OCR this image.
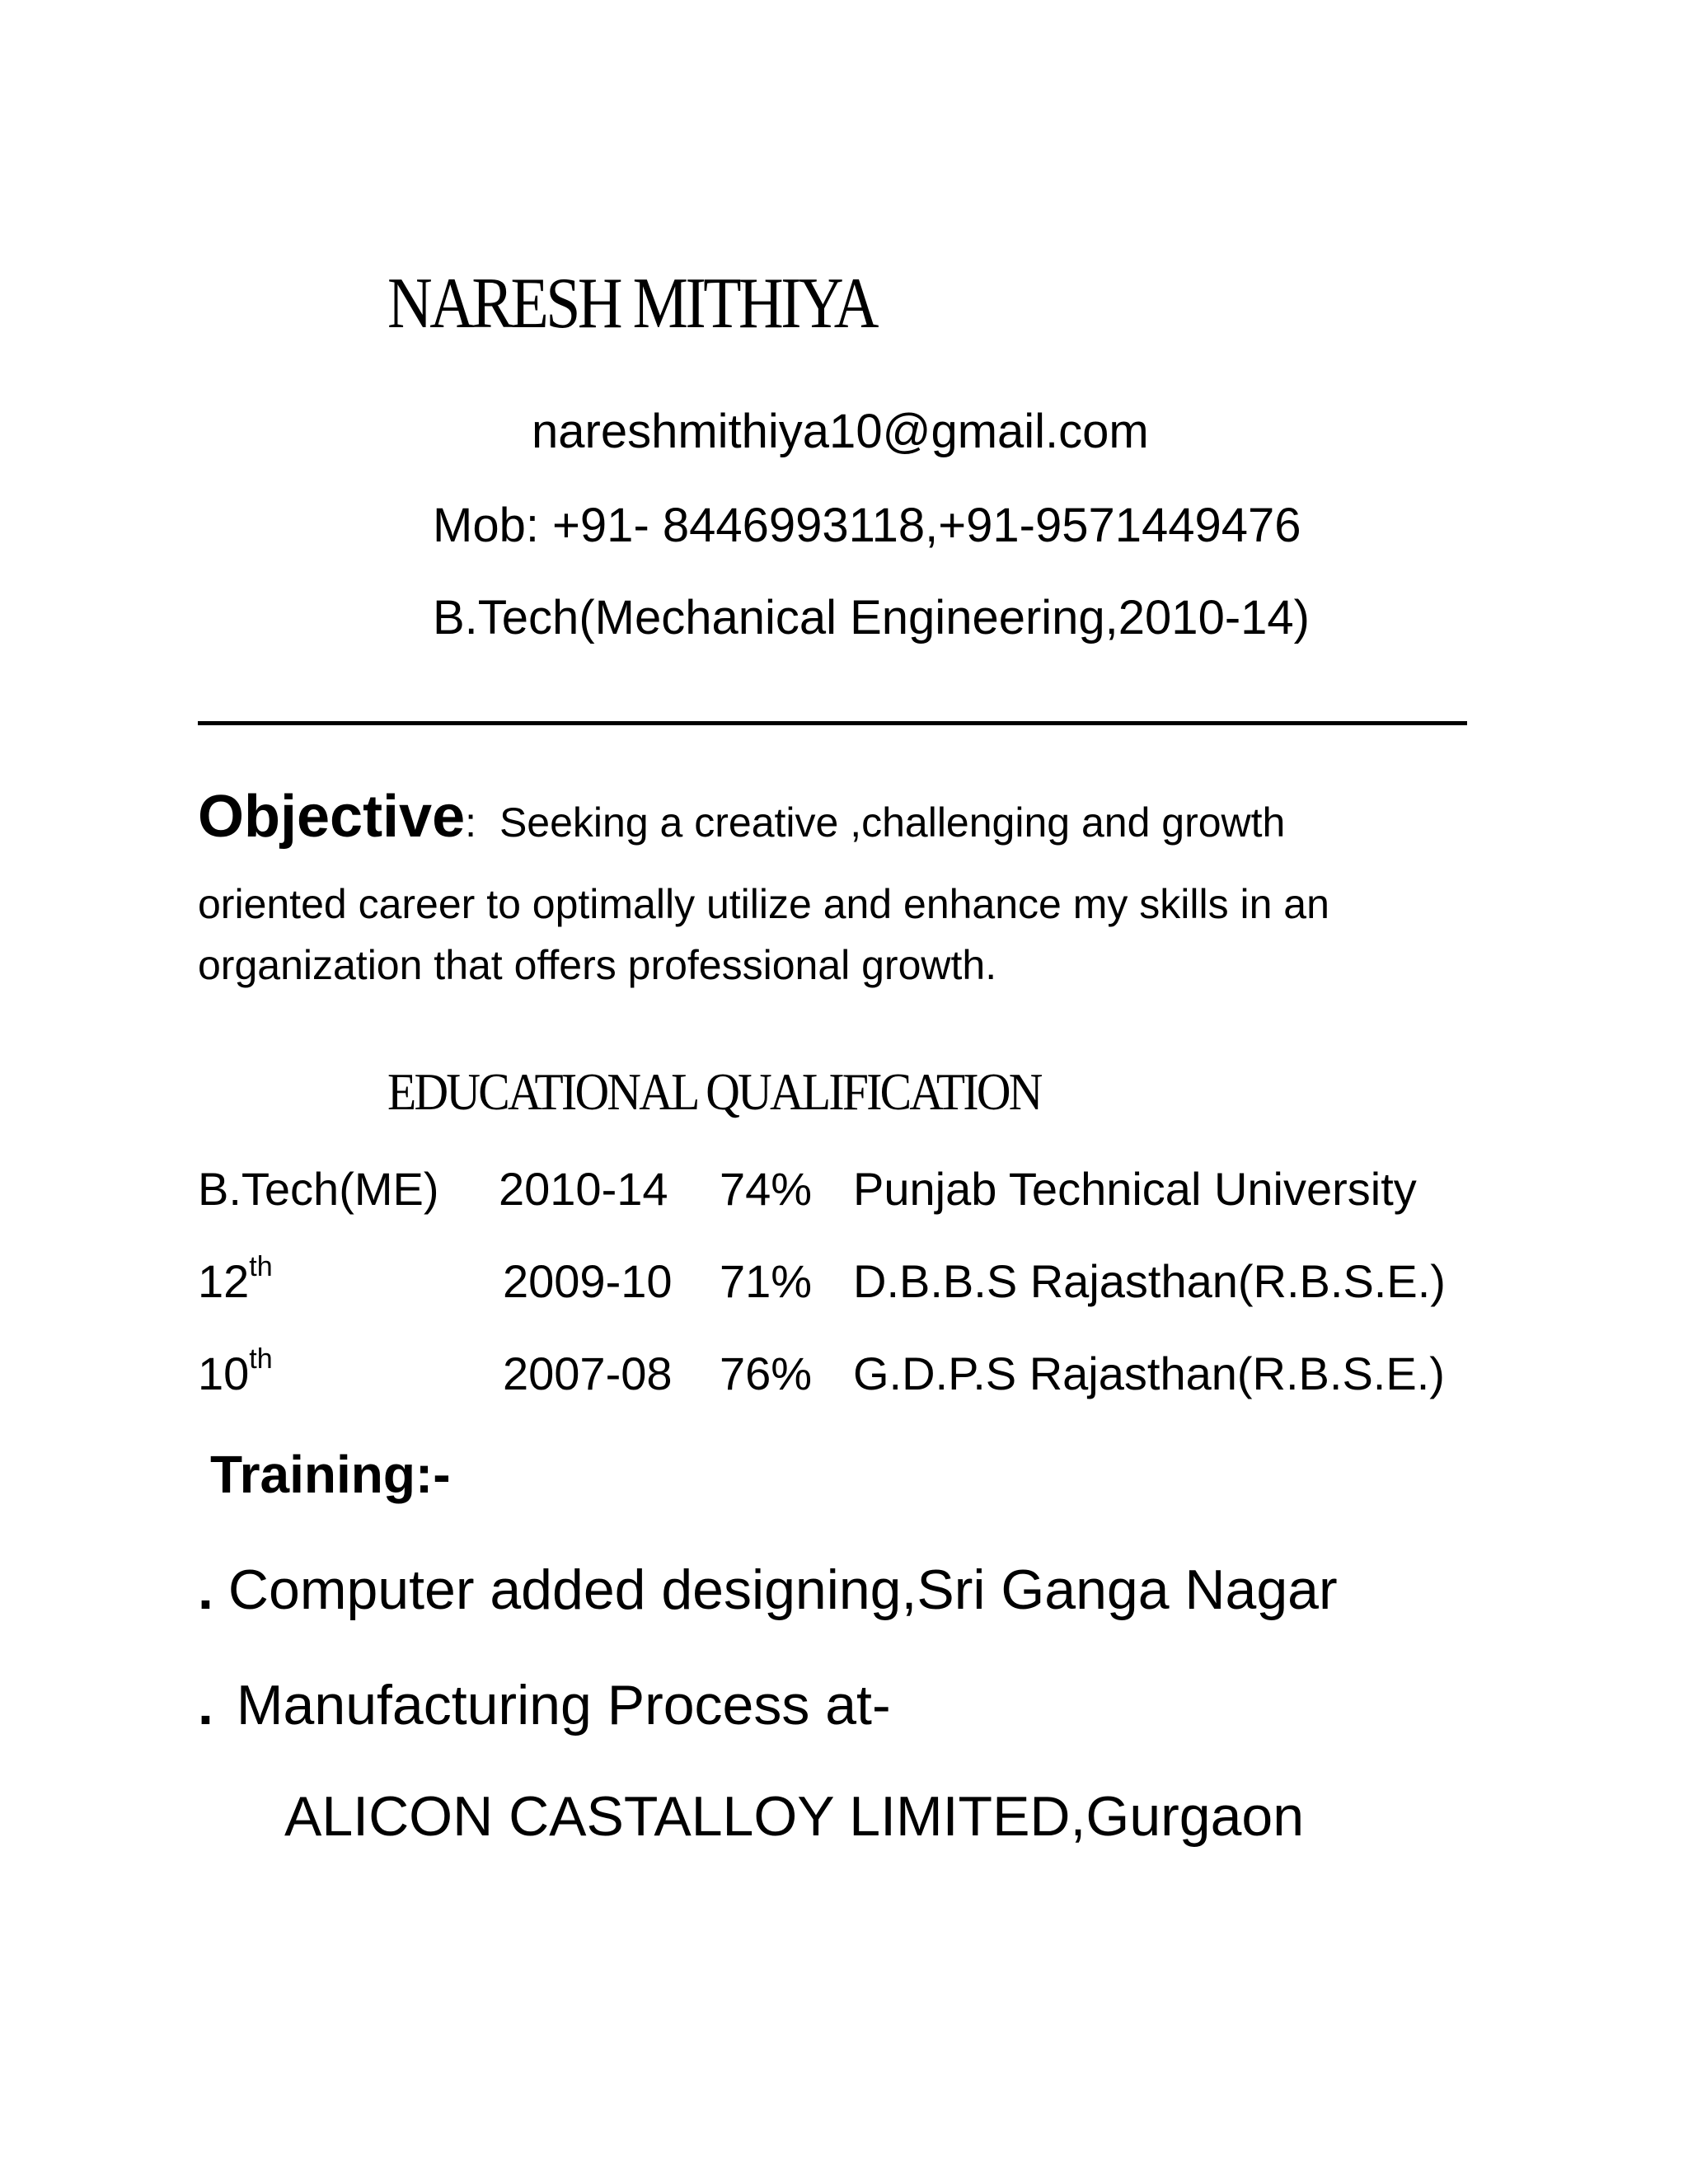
NARESH MITHIYA
nareshmithiya10@gmail.com
Mob: +91- 8446993118,+91-9571449476
B.Tech(Mechanical Engineering,2010-14)
Objective: Seeking a creative ,challenging and growth
oriented career to optimally utilize and enhance my skills in an
organization that offers professional growth.
EDUCATIONAL QUALIFICATION
B.Tech(ME) 2010-14 74% Punjab Technical University
12th	2009-10 71% D.B.B.S Rajasthan(R.B.S.E.)
10th	2007-08 76% G.D.P.S Rajasthan(R.B.S.E.)
Training:-
. Computer added designing,Sri Ganga Nagar
. Manufacturing Process at-
ALICON CASTALLOY LIMITED,Gurgaon
